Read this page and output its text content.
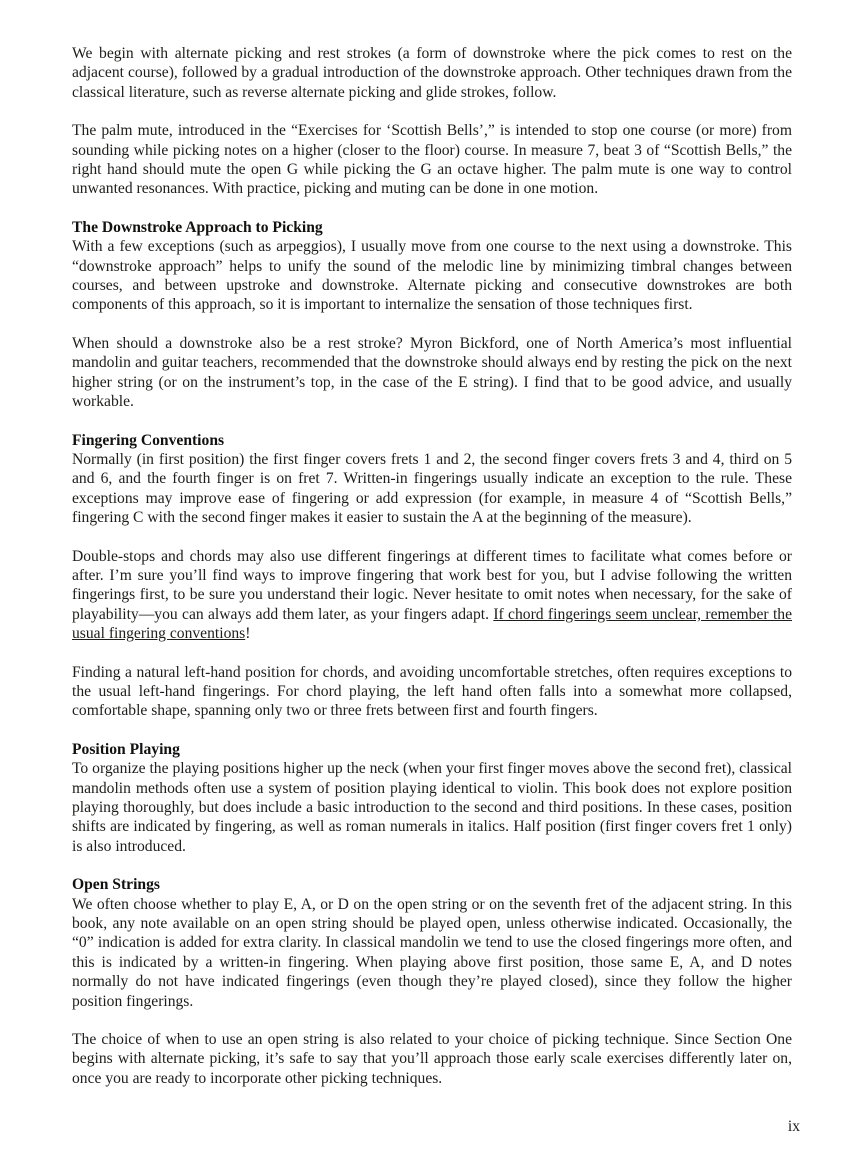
We begin with alternate picking and rest strokes (a form of downstroke where the pick comes to rest on the adjacent course), followed by a gradual introduction of the downstroke approach. Other techniques drawn from the classical literature, such as reverse alternate picking and glide strokes, follow.

The palm mute, introduced in the “Exercises for ‘Scottish Bells’,” is intended to stop one course (or more) from sounding while picking notes on a higher (closer to the floor) course. In measure 7, beat 3 of “Scottish Bells,” the right hand should mute the open G while picking the G an octave higher. The palm mute is one way to control unwanted resonances. With practice, picking and muting can be done in one motion.

The Downstroke Approach to Picking

With a few exceptions (such as arpeggios), I usually move from one course to the next using a downstroke. This “downstroke approach” helps to unify the sound of the melodic line by minimizing timbral changes between courses, and between upstroke and downstroke. Alternate picking and consecutive downstrokes are both components of this approach, so it is important to internalize the sensation of those techniques first.

When should a downstroke also be a rest stroke? Myron Bickford, one of North America’s most influential mandolin and guitar teachers, recommended that the downstroke should always end by resting the pick on the next higher string (or on the instrument’s top, in the case of the E string). I find that to be good advice, and usually workable.

Fingering Conventions

Normally (in first position) the first finger covers frets 1 and 2, the second finger covers frets 3 and 4, third on 5 and 6, and the fourth finger is on fret 7. Written-in fingerings usually indicate an exception to the rule. These exceptions may improve ease of fingering or add expression (for example, in measure 4 of “Scottish Bells,” fingering C with the second finger makes it easier to sustain the A at the beginning of the measure).

Double-stops and chords may also use different fingerings at different times to facilitate what comes before or after. I’m sure you’ll find ways to improve fingering that work best for you, but I advise following the written fingerings first, to be sure you understand their logic. Never hesitate to omit notes when necessary, for the sake of playability—you can always add them later, as your fingers adapt. If chord fingerings seem unclear, remember the usual fingering conventions!

Finding a natural left-hand position for chords, and avoiding uncomfortable stretches, often requires exceptions to the usual left-hand fingerings. For chord playing, the left hand often falls into a somewhat more collapsed, comfortable shape, spanning only two or three frets between first and fourth fingers.

Position Playing

To organize the playing positions higher up the neck (when your first finger moves above the second fret), classical mandolin methods often use a system of position playing identical to violin. This book does not explore position playing thoroughly, but does include a basic introduction to the second and third positions. In these cases, position shifts are indicated by fingering, as well as roman numerals in italics. Half position (first finger covers fret 1 only) is also introduced.

Open Strings

We often choose whether to play E, A, or D on the open string or on the seventh fret of the adjacent string. In this book, any note available on an open string should be played open, unless otherwise indicated. Occasionally, the “0” indication is added for extra clarity. In classical mandolin we tend to use the closed fingerings more often, and this is indicated by a written-in fingering. When playing above first position, those same E, A, and D notes normally do not have indicated fingerings (even though they’re played closed), since they follow the higher position fingerings.

The choice of when to use an open string is also related to your choice of picking technique. Since Section One begins with alternate picking, it’s safe to say that you’ll approach those early scale exercises differently later on, once you are ready to incorporate other picking techniques.

ix
